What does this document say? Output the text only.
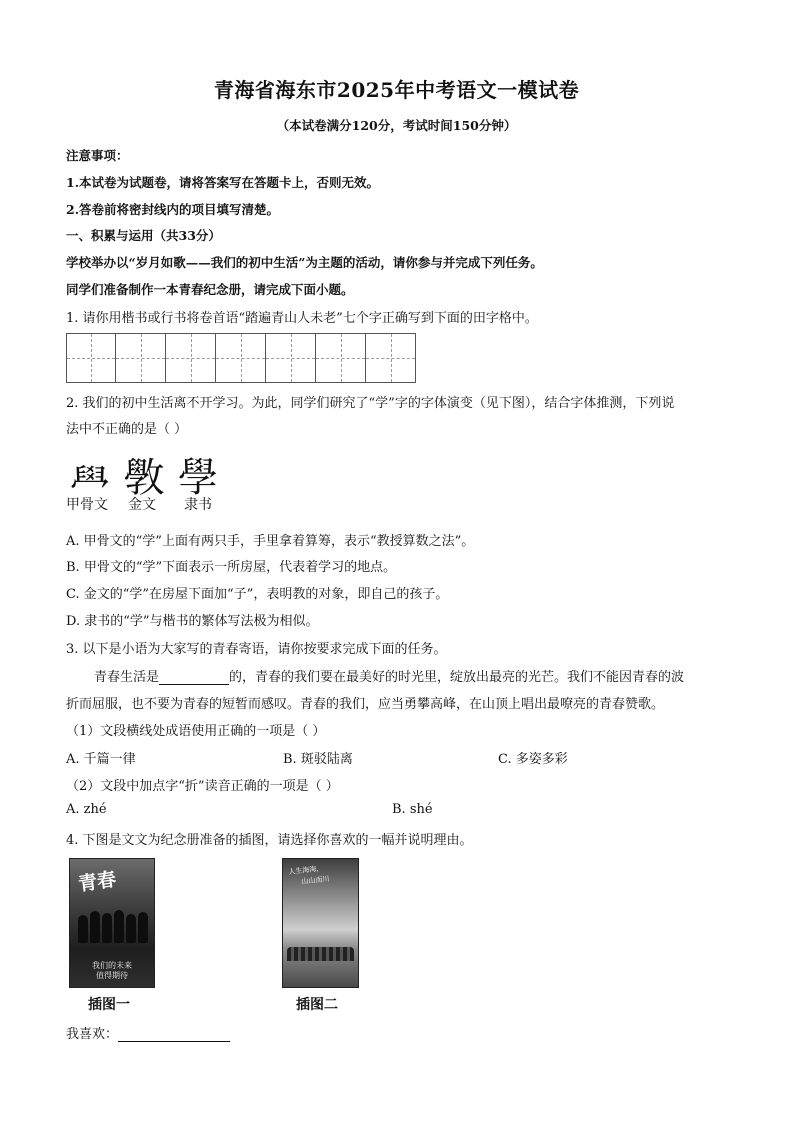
青海省海东市2025年中考语文一模试卷
（本试卷满分120分，考试时间150分钟）
注意事项：
1.本试卷为试题卷，请将答案写在答题卡上，否则无效。
2.答卷前将密封线内的项目填写清楚。
一、积累与运用（共33分）
学校举办以“岁月如歌——我们的初中生活”为主题的活动，请你参与并完成下列任务。
同学们准备制作一本青春纪念册，请完成下面小题。
1. 请你用楷书或行书将卷首语“踏遍青山人未老”七个字正确写到下面的田字格中。
2. 我们的初中生活离不开学习。为此，同学们研究了“学”字的字体演变（见下图），结合字体推测，下列说
法中不正确的是（ ）
𦥯 斆 學
甲骨文 金文 隶书
A. 甲骨文的“学”上面有两只手，手里拿着算筹，表示“教授算数之法”。
B. 甲骨文的“学”下面表示一所房屋，代表着学习的地点。
C. 金文的“学”在房屋下面加“子”，表明教的对象，即自己的孩子。
D. 隶书的“学”与楷书的繁体写法极为相似。
3. 以下是小语为大家写的青春寄语，请你按要求完成下面的任务。
青春生活是	的，青春的我们要在最美好的时光里，绽放出最亮的光芒。我们不能因青春的波
折而屈服，也不要为青春的短暂而感叹。青春的我们，应当勇攀高峰，在山顶上唱出最嘹亮的青春赞歌。
（1）文段横线处成语使用正确的一项是（ ）
A. 千篇一律	B. 斑驳陆离	C. 多姿多彩
（2）文段中加点字“折”读音正确的一项是（ ）
A. zhé	B. shé
4. 下图是文文为纪念册准备的插图，请选择你喜欢的一幅并说明理由。
青春
我们的未来
值得期待
插图一
人生海海，
山山而川
插图二
我喜欢：
